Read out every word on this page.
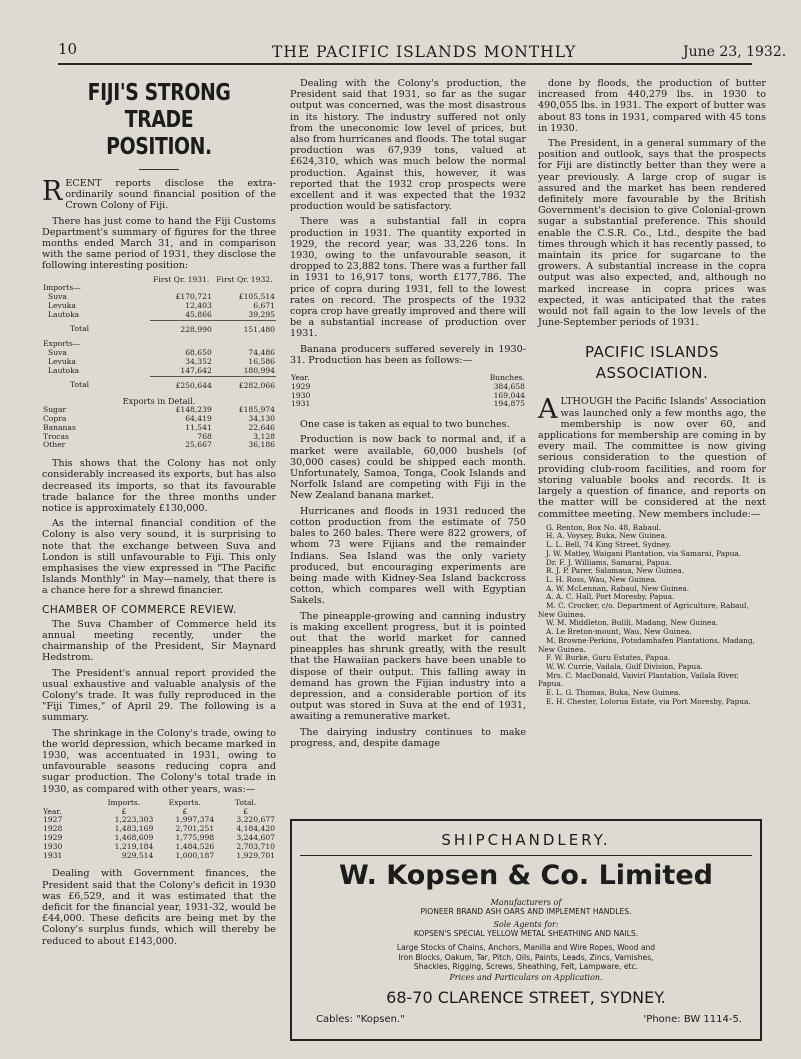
10	THE PACIFIC ISLANDS MONTHLY	June 23, 1932.
FIJI'S STRONG TRADE
POSITION.

RECENT reports disclose the extra-ordinarily sound financial position of the Crown Colony of Fiji.

There has just come to hand the Fiji Customs Department's summary of figures for the three months ended March 31, and in comparison with the same period of 1931, they disclose the following interesting position:

	First Qr. 1931.	First Qr. 1932.
Imports—		
Suva	£170,721	£105,514
Levuka	12,403	6,671
Lautoka	45,866	39,295
Total	228,990	151,480
Exports—		
Suva	68,650	74,486
Levuka	34,352	16,586
Lautoka	147,642	180,994
Total	£250,644	£282,066
Exports in Detail.		
Sugar	£148,239	£185,974
Copra	64,419	34,130
Bananas	11,541	22,646
Trocas	768	3,128
Other	25,667	36,186

This shows that the Colony has not only considerably increased its exports, but has also decreased its imports, so that its favourable trade balance for the three months under notice is approximately £130,000.

As the internal financial condition of the Colony is also very sound, it is surprising to note that the exchange between Suva and London is still unfavourable to Fiji. This only emphasises the view expressed in "The Pacific Islands Monthly" in May—namely, that there is a chance here for a shrewd financier.

CHAMBER OF COMMERCE REVIEW.

The Suva Chamber of Commerce held its annual meeting recently, under the chairmanship of the President, Sir Maynard Hedstrom.

The President's annual report provided the usual exhaustive and valuable analysis of the Colony's trade. It was fully reproduced in the "Fiji Times," of April 29. The following is a summary.

The shrinkage in the Colony's trade, owing to the world depression, which became marked in 1930, was accentuated in 1931, owing to unfavourable seasons reducing copra and sugar production. The Colony's total trade in 1930, as compared with other years, was:—

	Imports.	Exports.	Total.
Year.	£	£	£
1927	1,223,303	1,997,374	3,220,677
1928	1,483,169	2,701,251	4,184,420
1929	1,468,609	1,775,998	3,244,607
1930	1,219,184	1,484,526	2,703,710
1931	929,514	1,000,187	1,929,701

Dealing with Government finances, the President said that the Colony's deficit in 1930 was £6,529, and it was estimated that the deficit for the financial year, 1931-32, would be £44,000. These deficits are being met by the Colony's surplus funds, which will thereby be reduced to about £143,000.

Dealing with the Colony's production, the President said that 1931, so far as the sugar output was concerned, was the most disastrous in its history. The industry suffered not only from the uneconomic low level of prices, but also from hurricanes and floods. The total sugar production was 67,939 tons, valued at £624,310, which was much below the normal production. Against this, however, it was reported that the 1932 crop prospects were excellent and it was expected that the 1932 production would be satisfactory.

There was a substantial fall in copra production in 1931. The quantity exported in 1929, the record year, was 33,226 tons. In 1930, owing to the unfavourable season, it dropped to 23,882 tons. There was a further fall in 1931 to 16,917 tons, worth £177,786. The price of copra during 1931, fell to the lowest rates on record. The prospects of the 1932 copra crop have greatly improved and there will be a substantial increase of production over 1931.

Banana producers suffered severely in 1930-31. Production has been as follows:—

Year.	Bunches.
1929	384,658
1930	169,044
1931	194,875

One case is taken as equal to two bunches.

Production is now back to normal and, if a market were available, 60,000 bushels (of 30,000 cases) could be shipped each month. Unfortunately, Samoa, Tonga, Cook Islands and Norfolk Island are competing with Fiji in the New Zealand banana market.

Hurricanes and floods in 1931 reduced the cotton production from the estimate of 750 bales to 260 bales. There were 822 growers, of whom 73 were Fijians and the remainder Indians. Sea Island was the only variety produced, but encouraging experiments are being made with Kidney-Sea Island backcross cotton, which compares well with Egyptian Sakels.

The pineapple-growing and canning industry is making excellent progress, but it is pointed out that the world market for canned pineapples has shrunk greatly, with the result that the Hawaiian packers have been unable to dispose of their output. This falling away in demand has grown the Fijian industry into a depression, and a considerable portion of its output was stored in Suva at the end of 1931, awaiting a remunerative market.

The dairying industry continues to make progress, and, despite damage

done by floods, the production of butter increased from 440,279 lbs. in 1930 to 490,055 lbs. in 1931. The export of butter was about 83 tons in 1931, compared with 45 tons in 1930.

The President, in a general summary of the position and outlook, says that the prospects for Fiji are distinctly better than they were a year previously. A large crop of sugar is assured and the market has been rendered definitely more favourable by the British Government's decision to give Colonial-grown sugar a substantial preference. This should enable the C.S.R. Co., Ltd., despite the bad times through which it has recently passed, to maintain its price for sugarcane to the growers. A substantial increase in the copra output was also expected, and, although no marked increase in copra prices was expected, it was anticipated that the rates would not fall again to the low levels of the June-September periods of 1931.

PACIFIC ISLANDS
ASSOCIATION.

ALTHOUGH the Pacific Islands' Association was launched only a few months ago, the membership is now over 60, and applications for membership are coming in by every mail. The committee is now giving serious consideration to the question of providing club-room facilities, and room for storing valuable books and records. It is largely a question of finance, and reports on the matter will be considered at the next committee meeting. New members include:—

G. Renton, Box No. 48, Rabaul.
H. A. Voysey, Buka, New Guinea.
L. L. Bell, 74 King Street, Sydney.
J. W. Matley, Waigani Plantation, via Samarai, Papua.
Dr. F. J. Williams, Samarai, Papua.
R. J. P. Parer, Salamaua, New Guinea.
L. H. Ross, Wau, New Guinea.
A. W. McLennan, Rabaul, New Guinea.
A. A. C. Hall, Port Moresby, Papua.
M. C. Crocker, c/o. Department of Agriculture, Rabaul, New Guinea.
W. M. Middleton, Bulili, Madang, New Guinea.
A. Le Breton-mount, Wau, New Guinea.
M. Browne-Perkins, Potsdamhafen Plantations, Madang, New Guinea.
F. W. Burke, Guru Estates, Papua.
W. W. Currie, Vailala, Gulf Division, Papua.
Mrs. C. MacDonald, Vaivirí Plantation, Vailala River, Papua.
E. L. G. Thomas, Buka, New Guinea.
E. H. Chester, Lolorua Estate, via Port Moresby, Papua.
SHIPCHANDLERY.
W. Kopsen & Co. Limited
Manufacturers of
PIONEER BRAND ASH OARS AND IMPLEMENT HANDLES.
Sole Agents for:
KOPSEN'S SPECIAL YELLOW METAL SHEATHING AND NAILS.
Large Stocks of Chains, Anchors, Manilla and Wire Ropes, Wood and
Iron Blocks, Oakum, Tar, Pitch, Oils, Paints, Leads, Zincs, Varnishes,
Shackles, Rigging, Screws, Sheathing, Felt, Lampware, etc.
Prices and Particulars on Application.
68-70 CLARENCE STREET, SYDNEY.
Cables: "Kopsen."	'Phone: BW 1114-5.
